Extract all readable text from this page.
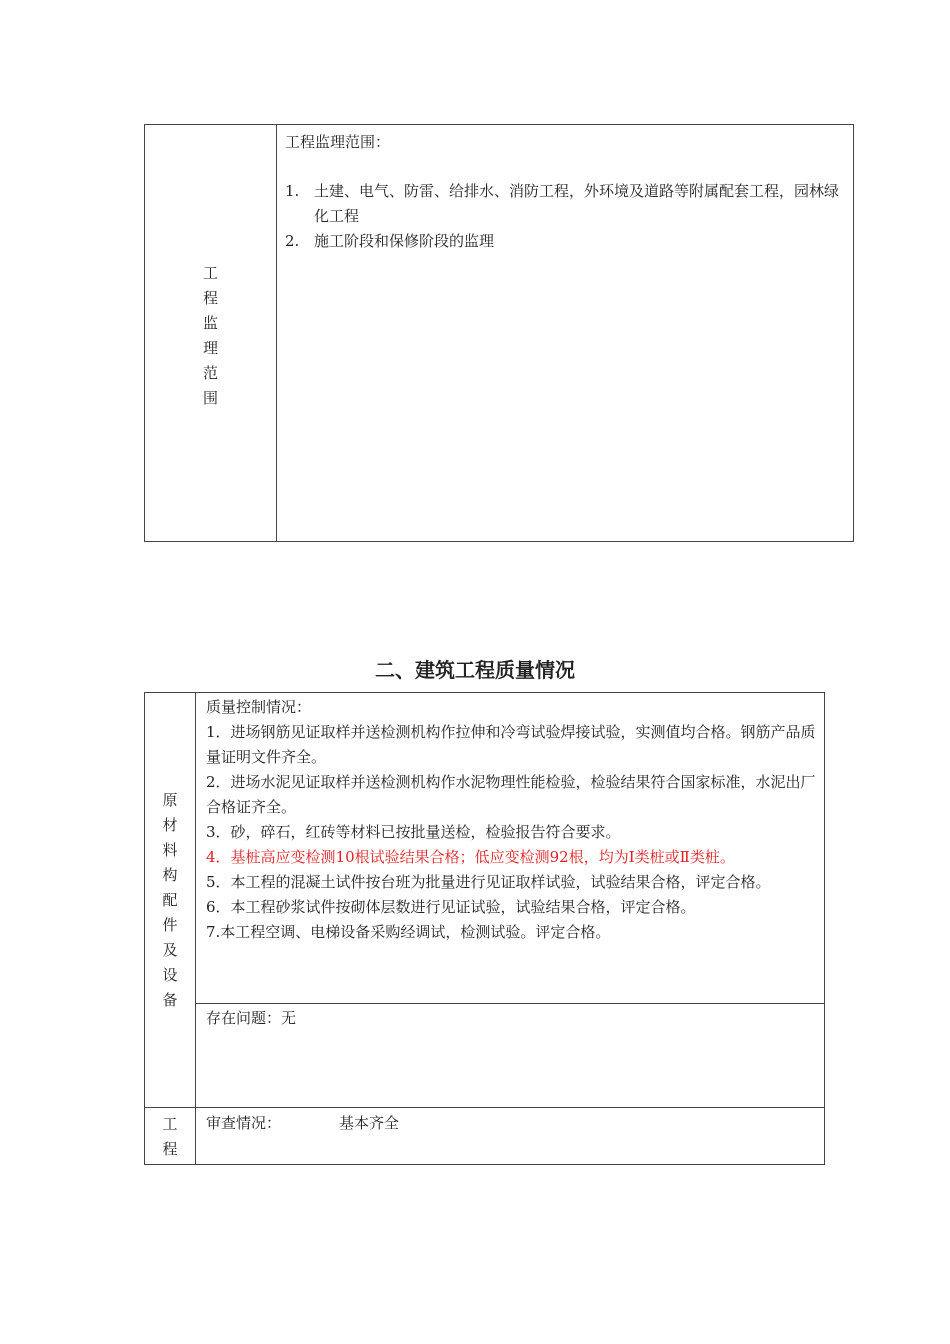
工
程
监
理
范
围
工程监理范围：
1. 土建、电气、防雷、给排水、消防工程，外环境及道路等附属配套工程，园林绿化工程
2. 施工阶段和保修阶段的监理
二、建筑工程质量情况
原
材
料
构
配
件
及
设
备
工
程
质量控制情况：
1．进场钢筋见证取样并送检测机构作拉伸和冷弯试验焊接试验，实测值均合格。钢筋产品质量证明文件齐全。
2．进场水泥见证取样并送检测机构作水泥物理性能检验，检验结果符合国家标准，水泥出厂合格证齐全。
3．砂，碎石，红砖等材料已按批量送检，检验报告符合要求。
4．基桩高应变检测10根试验结果合格；低应变检测92根，均为Ⅰ类桩或Ⅱ类桩。
5．本工程的混凝土试件按台班为批量进行见证取样试验，试验结果合格，评定合格。
6．本工程砂浆试件按砌体层数进行见证试验，试验结果合格，评定合格。
7.本工程空调、电梯设备采购经调试，检测试验。评定合格。
存在问题：无
审查情况：	基本齐全
